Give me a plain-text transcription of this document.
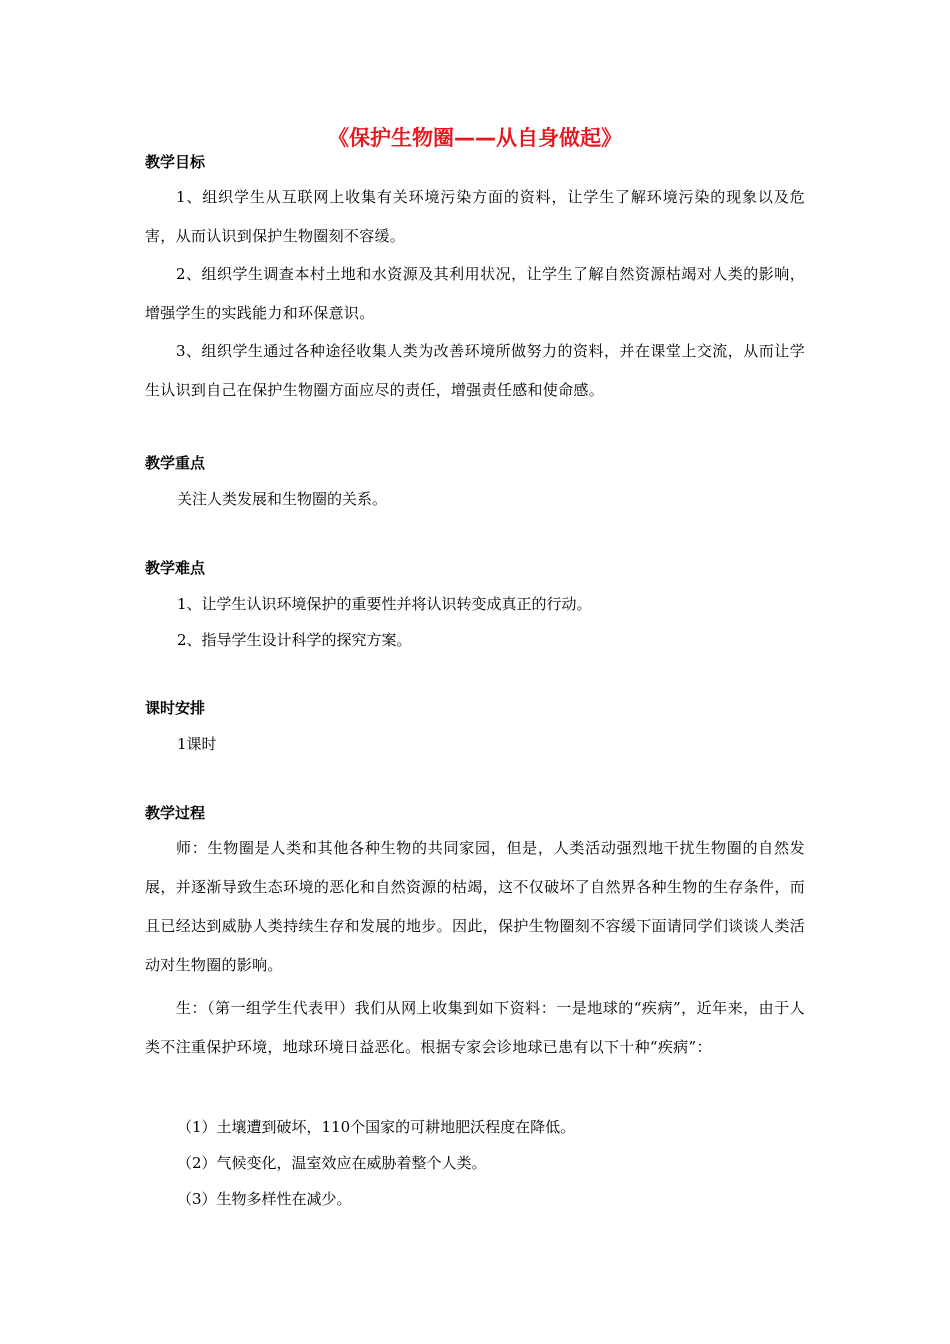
《保护生物圈——从自身做起》
教学目标
1、组织学生从互联网上收集有关环境污染方面的资料，让学生了解环境污染的现象以及危害，从而认识到保护生物圈刻不容缓。
2、组织学生调查本村土地和水资源及其利用状况，让学生了解自然资源枯竭对人类的影响，增强学生的实践能力和环保意识。
3、组织学生通过各种途径收集人类为改善环境所做努力的资料，并在课堂上交流，从而让学生认识到自己在保护生物圈方面应尽的责任，增强责任感和使命感。
教学重点
关注人类发展和生物圈的关系。
教学难点
1、让学生认识环境保护的重要性并将认识转变成真正的行动。
2、指导学生设计科学的探究方案。
课时安排
1课时
教学过程
师：生物圈是人类和其他各种生物的共同家园，但是，人类活动强烈地干扰生物圈的自然发展，并逐渐导致生态环境的恶化和自然资源的枯竭，这不仅破坏了自然界各种生物的生存条件，而且已经达到威胁人类持续生存和发展的地步。因此，保护生物圈刻不容缓下面请同学们谈谈人类活动对生物圈的影响。
生：（第一组学生代表甲）我们从网上收集到如下资料：一是地球的“疾病”，近年来，由于人类不注重保护环境，地球环境日益恶化。根据专家会诊地球已患有以下十种“疾病”：
（1）土壤遭到破坏，110个国家的可耕地肥沃程度在降低。
（2）气候变化，温室效应在威胁着整个人类。
（3）生物多样性在减少。
